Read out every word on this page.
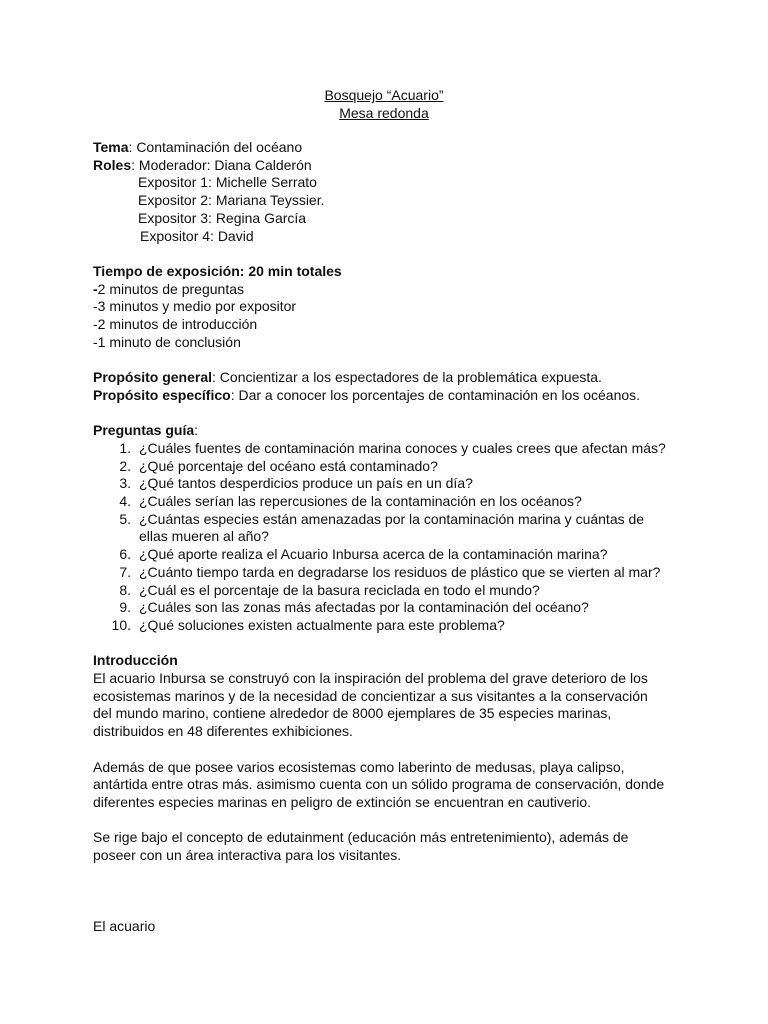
Bosquejo “Acuario”
Mesa redonda
Tema: Contaminación del océano
Roles: Moderador: Diana Calderón
Expositor 1: Michelle Serrato
Expositor 2: Mariana Teyssier.
Expositor 3: Regina García
Expositor 4: David
Tiempo de exposición: 20 min totales
-2 minutos de preguntas
-3 minutos y medio por expositor
-2 minutos de introducción
-1 minuto de conclusión
Propósito general: Concientizar a los espectadores de la problemática expuesta.
Propósito específico: Dar a conocer los porcentajes de contaminación en los océanos.
Preguntas guía:
1. ¿Cuáles fuentes de contaminación marina conoces y cuales crees que afectan más?
2. ¿Qué porcentaje del océano está contaminado?
3. ¿Qué tantos desperdicios produce un país en un día?
4. ¿Cuáles serían las repercusiones de la contaminación en los océanos?
5. ¿Cuántas especies están amenazadas por la contaminación marina y cuántas de
ellas mueren al año?
6. ¿Qué aporte realiza el Acuario Inbursa acerca de la contaminación marina?
7. ¿Cuánto tiempo tarda en degradarse los residuos de plástico que se vierten al mar?
8. ¿Cuál es el porcentaje de la basura reciclada en todo el mundo?
9. ¿Cuáles son las zonas más afectadas por la contaminación del océano?
10. ¿Qué soluciones existen actualmente para este problema?
Introducción
El acuario Inbursa se construyó con la inspiración del problema del grave deterioro de los
ecosistemas marinos y de la necesidad de concientizar a sus visitantes a la conservación
del mundo marino, contiene alrededor de 8000 ejemplares de 35 especies marinas,
distribuidos en 48 diferentes exhibiciones.
Además de que posee varios ecosistemas como laberinto de medusas, playa calipso,
antártida entre otras más. asimismo cuenta con un sólido programa de conservación, donde
diferentes especies marinas en peligro de extinción se encuentran en cautiverio.
Se rige bajo el concepto de edutainment (educación más entretenimiento), además de
poseer con un área interactiva para los visitantes.
El acuario
